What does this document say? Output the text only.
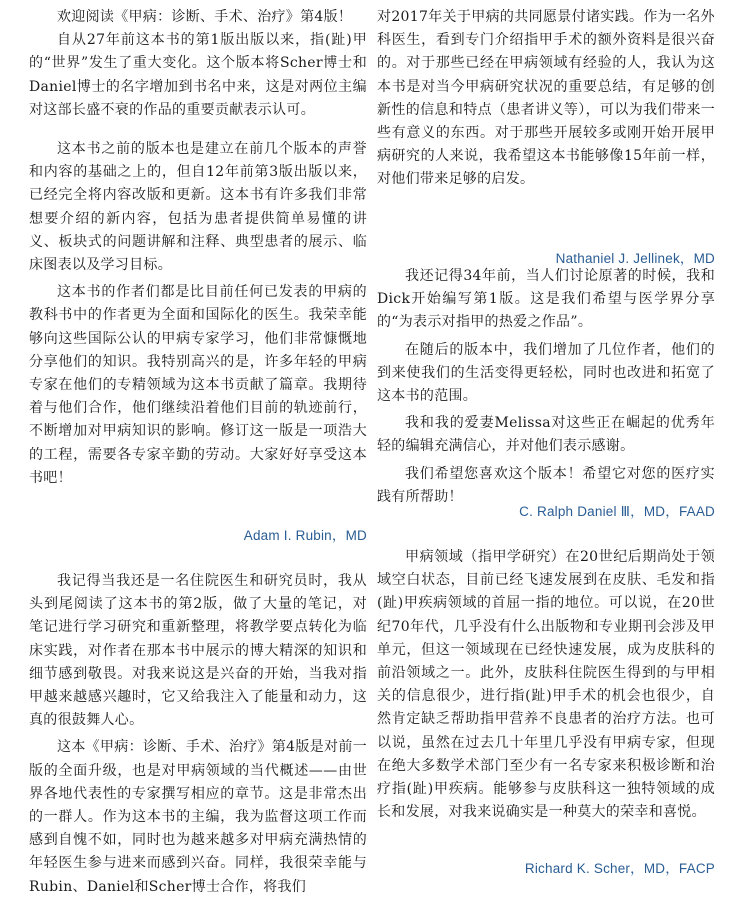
欢迎阅读《甲病：诊断、手术、治疗》第4版！

自从27年前这本书的第1版出版以来，指(趾)甲的“世界”发生了重大变化。这个版本将Scher博士和Daniel博士的名字增加到书名中来，这是对两位主编对这部长盛不衰的作品的重要贡献表示认可。

这本书之前的版本也是建立在前几个版本的声誉和内容的基础之上的，但自12年前第3版出版以来，已经完全将内容改版和更新。这本书有许多我们非常想要介绍的新内容，包括为患者提供简单易懂的讲义、板块式的问题讲解和注释、典型患者的展示、临床图表以及学习目标。

这本书的作者们都是比目前任何已发表的甲病的教科书中的作者更为全面和国际化的医生。我荣幸能够向这些国际公认的甲病专家学习，他们非常慷慨地分享他们的知识。我特别高兴的是，许多年轻的甲病专家在他们的专精领域为这本书贡献了篇章。我期待着与他们合作，他们继续沿着他们目前的轨迹前行，不断增加对甲病知识的影响。修订这一版是一项浩大的工程，需要各专家辛勤的劳动。大家好好享受这本书吧！

Adam I. Rubin，MD

我记得当我还是一名住院医生和研究员时，我从头到尾阅读了这本书的第2版，做了大量的笔记，对笔记进行学习研究和重新整理，将教学要点转化为临床实践，对作者在那本书中展示的博大精深的知识和细节感到敬畏。对我来说这是兴奋的开始，当我对指甲越来越感兴趣时，它又给我注入了能量和动力，这真的很鼓舞人心。

这本《甲病：诊断、手术、治疗》第4版是对前一版的全面升级，也是对甲病领域的当代概述——由世界各地代表性的专家撰写相应的章节。这是非常杰出的一群人。作为这本书的主编，我为监督这项工作而感到自愧不如，同时也为越来越多对甲病充满热情的年轻医生参与进来而感到兴奋。同样，我很荣幸能与Rubin、Daniel和Scher博士合作，将我们

对2017年关于甲病的共同愿景付诸实践。作为一名外科医生，看到专门介绍指甲手术的额外资料是很兴奋的。对于那些已经在甲病领域有经验的人，我认为这本书是对当今甲病研究状况的重要总结，有足够的创新性的信息和特点（患者讲义等），可以为我们带来一些有意义的东西。对于那些开展较多或刚开始开展甲病研究的人来说，我希望这本书能够像15年前一样，对他们带来足够的启发。

Nathaniel J. Jellinek，MD

我还记得34年前，当人们讨论原著的时候，我和Dick开始编写第1版。这是我们希望与医学界分享的“为表示对指甲的热爱之作品”。

在随后的版本中，我们增加了几位作者，他们的到来使我们的生活变得更轻松，同时也改进和拓宽了这本书的范围。

我和我的爱妻Melissa对这些正在崛起的优秀年轻的编辑充满信心，并对他们表示感谢。

我们希望您喜欢这个版本！希望它对您的医疗实践有所帮助！

C. Ralph Daniel Ⅲ，MD，FAAD

甲病领域（指甲学研究）在20世纪后期尚处于领域空白状态，目前已经飞速发展到在皮肤、毛发和指(趾)甲疾病领域的首屈一指的地位。可以说，在20世纪70年代，几乎没有什么出版物和专业期刊会涉及甲单元，但这一领域现在已经快速发展，成为皮肤科的前沿领域之一。此外，皮肤科住院医生得到的与甲相关的信息很少，进行指(趾)甲手术的机会也很少，自然肯定缺乏帮助指甲营养不良患者的治疗方法。也可以说，虽然在过去几十年里几乎没有甲病专家，但现在绝大多数学术部门至少有一名专家来积极诊断和治疗指(趾)甲疾病。能够参与皮肤科这一独特领域的成长和发展，对我来说确实是一种莫大的荣幸和喜悦。

Richard K. Scher，MD，FACP
